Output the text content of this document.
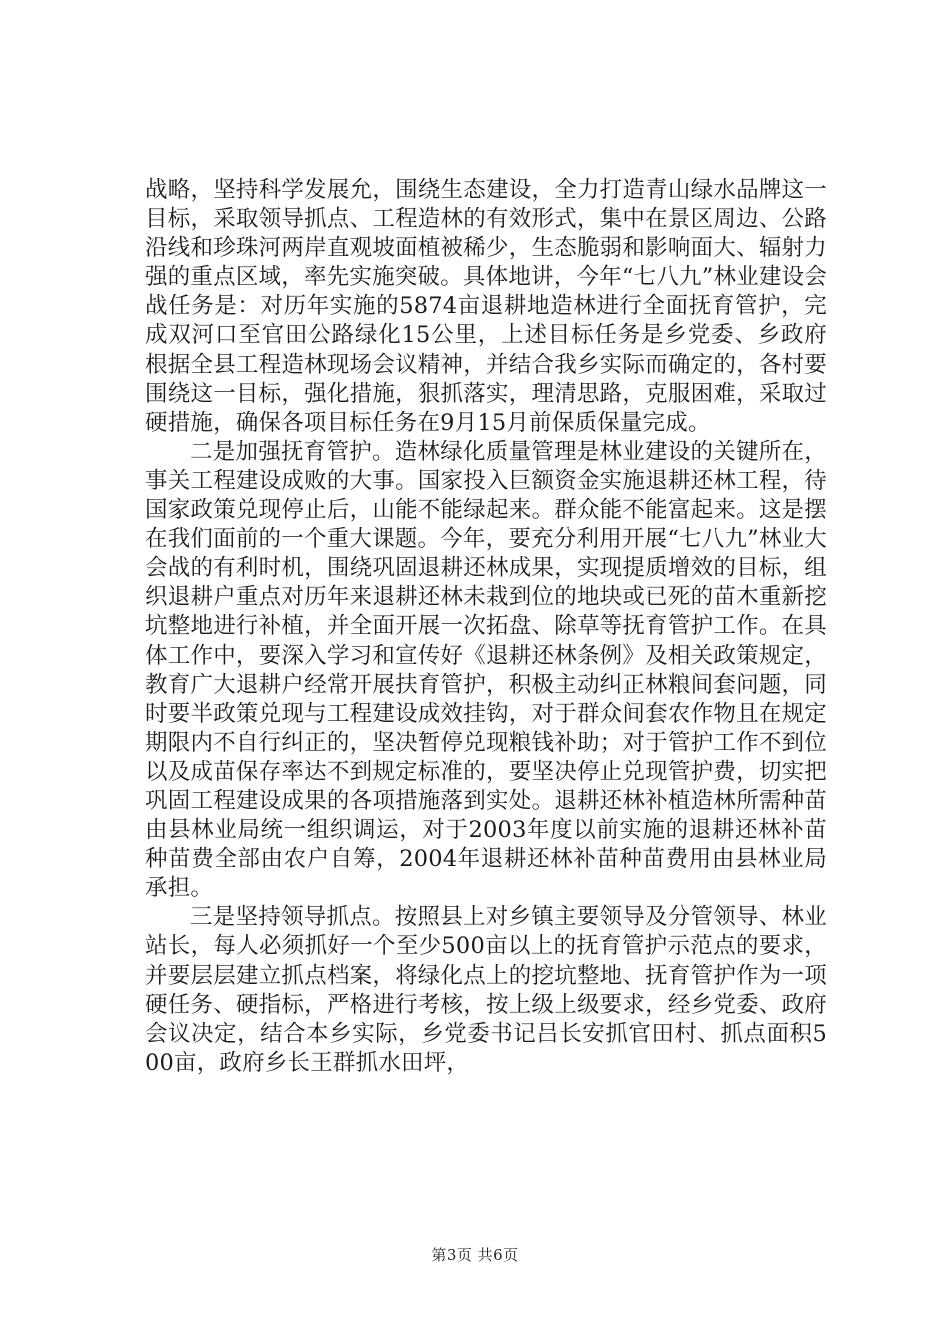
战略，坚持科学发展允，围绕生态建设，全力打造青山绿水品牌这一目标，采取领导抓点、工程造林的有效形式，集中在景区周边、公路沿线和珍珠河两岸直观坡面植被稀少，生态脆弱和影响面大、辐射力强的重点区域，率先实施突破。具体地讲，今年“七八九”林业建设会战任务是：对历年实施的5874亩退耕地造林进行全面抚育管护，完成双河口至官田公路绿化15公里，上述目标任务是乡党委、乡政府根据全县工程造林现场会议精神，并结合我乡实际而确定的，各村要围绕这一目标，强化措施，狠抓落实，理清思路，克服困难，采取过硬措施，确保各项目标任务在9月15月前保质保量完成。

二是加强抚育管护。造林绿化质量管理是林业建设的关键所在，事关工程建设成败的大事。国家投入巨额资金实施退耕还林工程，待国家政策兑现停止后，山能不能绿起来。群众能不能富起来。这是摆在我们面前的一个重大课题。今年，要充分利用开展“七八九”林业大会战的有利时机，围绕巩固退耕还林成果，实现提质增效的目标，组织退耕户重点对历年来退耕还林未栽到位的地块或已死的苗木重新挖坑整地进行补植，并全面开展一次拓盘、除草等抚育管护工作。在具体工作中，要深入学习和宣传好《退耕还林条例》及相关政策规定，教育广大退耕户经常开展扶育管护，积极主动纠正林粮间套问题，同时要半政策兑现与工程建设成效挂钩，对于群众间套农作物且在规定期限内不自行纠正的，坚决暂停兑现粮钱补助；对于管护工作不到位以及成苗保存率达不到规定标准的，要坚决停止兑现管护费，切实把巩固工程建设成果的各项措施落到实处。退耕还林补植造林所需种苗由县林业局统一组织调运，对于2003年度以前实施的退耕还林补苗种苗费全部由农户自筹，2004年退耕还林补苗种苗费用由县林业局承担。

三是坚持领导抓点。按照县上对乡镇主要领导及分管领导、林业站长，每人必须抓好一个至少500亩以上的抚育管护示范点的要求，并要层层建立抓点档案，将绿化点上的挖坑整地、抚育管护作为一项硬任务、硬指标，严格进行考核，按上级上级要求，经乡党委、政府会议决定，结合本乡实际，乡党委书记吕长安抓官田村、抓点面积500亩，政府乡长王群抓水田坪，

第3页 共6页
